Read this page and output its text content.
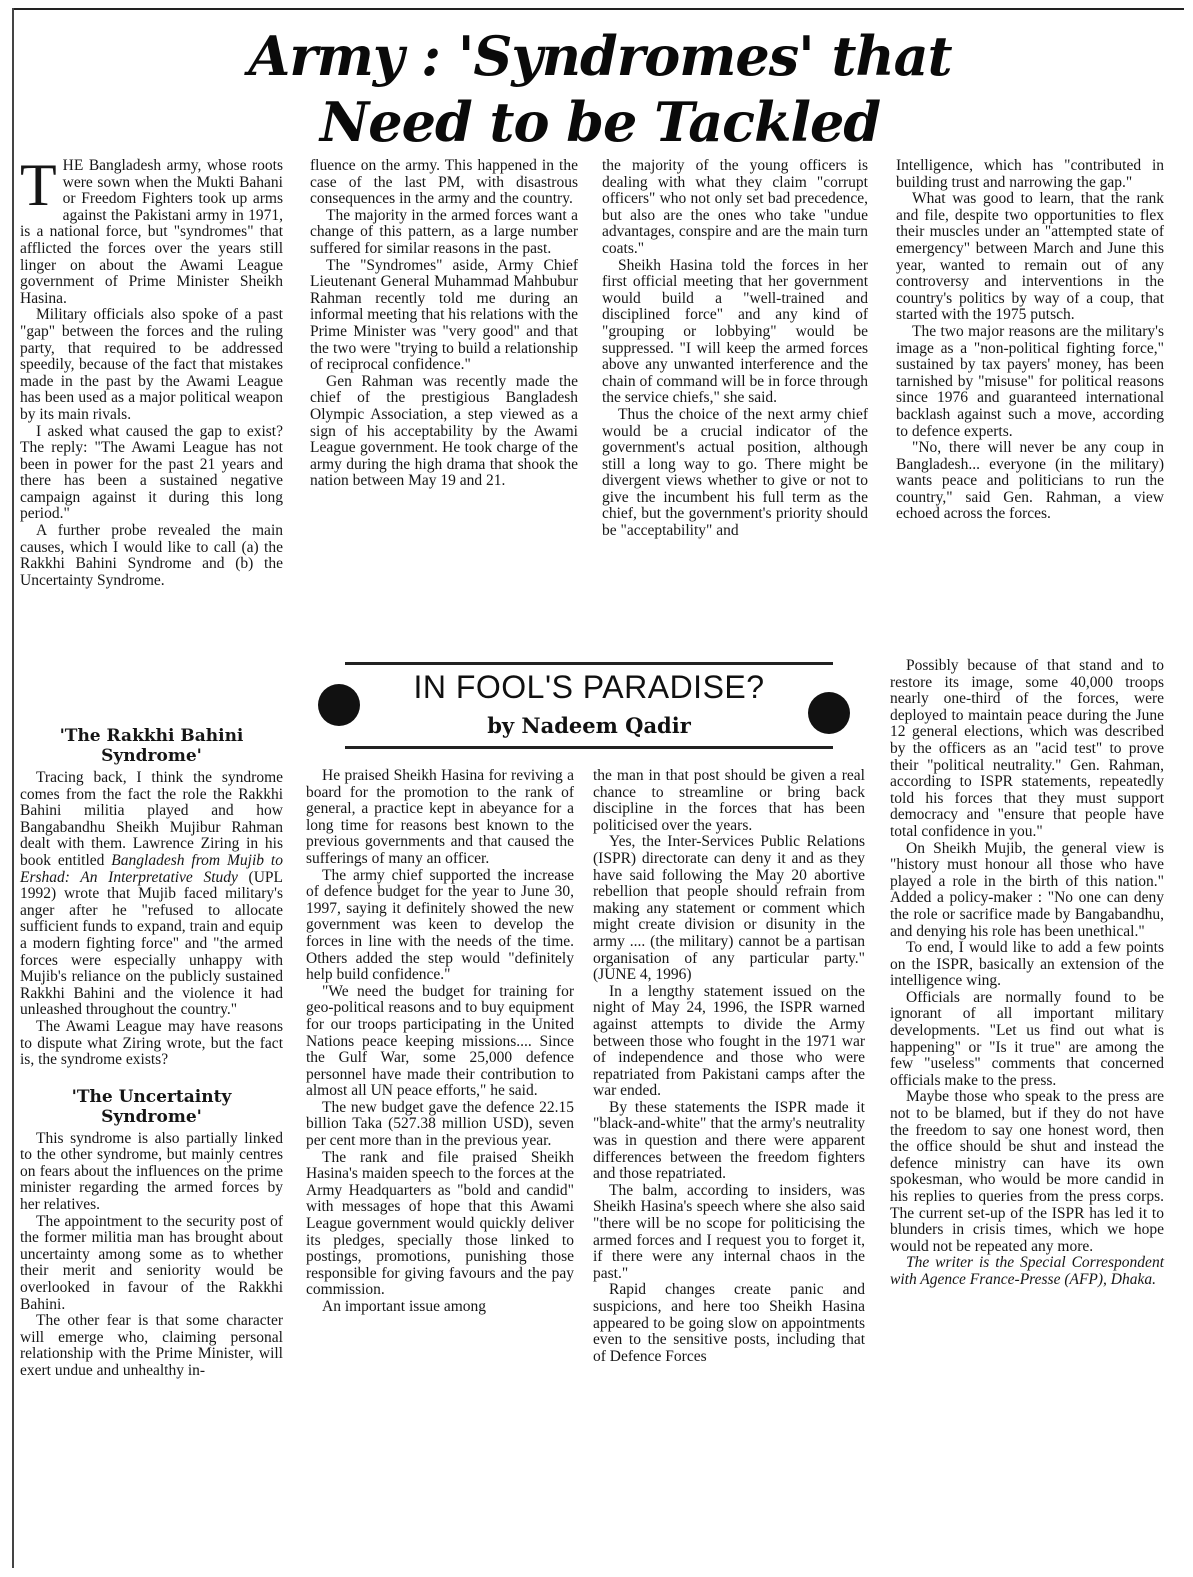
Army : 'Syndromes' that
Need to be Tackled

THE Bangladesh army, whose roots were sown when the Mukti Bahani or Freedom Fighters took up arms against the Pakistani army in 1971, is a national force, but "syndromes" that afflicted the forces over the years still linger on about the Awami League government of Prime Minister Sheikh Hasina.

Military officials also spoke of a past "gap" between the forces and the ruling party, that required to be addressed speedily, because of the fact that mistakes made in the past by the Awami League has been used as a major political weapon by its main rivals.

I asked what caused the gap to exist? The reply: "The Awami League has not been in power for the past 21 years and there has been a sustained negative campaign against it during this long period."

A further probe revealed the main causes, which I would like to call (a) the Rakkhi Bahini Syndrome and (b) the Uncertainty Syndrome.

'The Rakkhi Bahini Syndrome'

Tracing back, I think the syndrome comes from the fact the role the Rakkhi Bahini militia played and how Bangabandhu Sheikh Mujibur Rahman dealt with them. Lawrence Ziring in his book entitled Bangladesh from Mujib to Ershad: An Interpretative Study (UPL 1992) wrote that Mujib faced military's anger after he "refused to allocate sufficient funds to expand, train and equip a modern fighting force" and "the armed forces were especially unhappy with Mujib's reliance on the publicly sustained Rakkhi Bahini and the violence it had unleashed throughout the country."

The Awami League may have reasons to dispute what Ziring wrote, but the fact is, the syndrome exists?

'The Uncertainty Syndrome'

This syndrome is also partially linked to the other syndrome, but mainly centres on fears about the influences on the prime minister regarding the armed forces by her relatives.

The appointment to the security post of the former militia man has brought about uncertainty among some as to whether their merit and seniority would be overlooked in favour of the Rakkhi Bahini.

The other fear is that some character will emerge who, claiming personal relationship with the Prime Minister, will exert undue and unhealthy in-

fluence on the army. This happened in the case of the last PM, with disastrous consequences in the army and the country.

The majority in the armed forces want a change of this pattern, as a large number suffered for similar reasons in the past.

The "Syndromes" aside, Army Chief Lieutenant General Muhammad Mahbubur Rahman recently told me during an informal meeting that his relations with the Prime Minister was "very good" and that the two were "trying to build a relationship of reciprocal confidence."

Gen Rahman was recently made the chief of the prestigious Bangladesh Olympic Association, a step viewed as a sign of his acceptability by the Awami League government. He took charge of the army during the high drama that shook the nation between May 19 and 21.

the majority of the young officers is dealing with what they claim "corrupt officers" who not only set bad precedence, but also are the ones who take "undue advantages, conspire and are the main turn coats."

Sheikh Hasina told the forces in her first official meeting that her government would build a "well-trained and disciplined force" and any kind of "grouping or lobbying" would be suppressed. "I will keep the armed forces above any unwanted interference and the chain of command will be in force through the service chiefs," she said.

Thus the choice of the next army chief would be a crucial indicator of the government's actual position, although still a long way to go. There might be divergent views whether to give or not to give the incumbent his full term as the chief, but the government's priority should be "acceptability" and

Intelligence, which has "contributed in building trust and narrowing the gap."

What was good to learn, that the rank and file, despite two opportunities to flex their muscles under an "attempted state of emergency" between March and June this year, wanted to remain out of any controversy and interventions in the country's politics by way of a coup, that started with the 1975 putsch.

The two major reasons are the military's image as a "non-political fighting force," sustained by tax payers' money, has been tarnished by "misuse" for political reasons since 1976 and guaranteed international backlash against such a move, according to defence experts.

"No, there will never be any coup in Bangladesh... everyone (in the military) wants peace and politicians to run the country," said Gen. Rahman, a view echoed across the forces.

IN FOOL'S PARADISE?
by Nadeem Qadir

He praised Sheikh Hasina for reviving a board for the promotion to the rank of general, a practice kept in abeyance for a long time for reasons best known to the previous governments and that caused the sufferings of many an officer.

The army chief supported the increase of defence budget for the year to June 30, 1997, saying it definitely showed the new government was keen to develop the forces in line with the needs of the time. Others added the step would "definitely help build confidence."

"We need the budget for training for geo-political reasons and to buy equipment for our troops participating in the United Nations peace keeping missions.... Since the Gulf War, some 25,000 defence personnel have made their contribution to almost all UN peace efforts," he said.

The new budget gave the defence 22.15 billion Taka (527.38 million USD), seven per cent more than in the previous year.

The rank and file praised Sheikh Hasina's maiden speech to the forces at the Army Headquarters as "bold and candid" with messages of hope that this Awami League government would quickly deliver its pledges, specially those linked to postings, promotions, punishing those responsible for giving favours and the pay commission.

An important issue among

the man in that post should be given a real chance to streamline or bring back discipline in the forces that has been politicised over the years.

Yes, the Inter-Services Public Relations (ISPR) directorate can deny it and as they have said following the May 20 abortive rebellion that people should refrain from making any statement or comment which might create division or disunity in the army .... (the military) cannot be a partisan organisation of any particular party." (JUNE 4, 1996)

In a lengthy statement issued on the night of May 24, 1996, the ISPR warned against attempts to divide the Army between those who fought in the 1971 war of independence and those who were repatriated from Pakistani camps after the war ended.

By these statements the ISPR made it "black-and-white" that the army's neutrality was in question and there were apparent differences between the freedom fighters and those repatriated.

The balm, according to insiders, was Sheikh Hasina's speech where she also said "there will be no scope for politicising the armed forces and I request you to forget it, if there were any internal chaos in the past."

Rapid changes create panic and suspicions, and here too Sheikh Hasina appeared to be going slow on appointments even to the sensitive posts, including that of Defence Forces

Possibly because of that stand and to restore its image, some 40,000 troops nearly one-third of the forces, were deployed to maintain peace during the June 12 general elections, which was described by the officers as an "acid test" to prove their "political neutrality." Gen. Rahman, according to ISPR statements, repeatedly told his forces that they must support democracy and "ensure that people have total confidence in you."

On Sheikh Mujib, the general view is "history must honour all those who have played a role in the birth of this nation." Added a policy-maker : "No one can deny the role or sacrifice made by Bangabandhu, and denying his role has been unethical."

To end, I would like to add a few points on the ISPR, basically an extension of the intelligence wing.

Officials are normally found to be ignorant of all important military developments. "Let us find out what is happening" or "Is it true" are among the few "useless" comments that concerned officials make to the press.

Maybe those who speak to the press are not to be blamed, but if they do not have the freedom to say one honest word, then the office should be shut and instead the defence ministry can have its own spokesman, who would be more candid in his replies to queries from the press corps. The current set-up of the ISPR has led it to blunders in crisis times, which we hope would not be repeated any more.

The writer is the Special Correspondent with Agence France-Presse (AFP), Dhaka.
